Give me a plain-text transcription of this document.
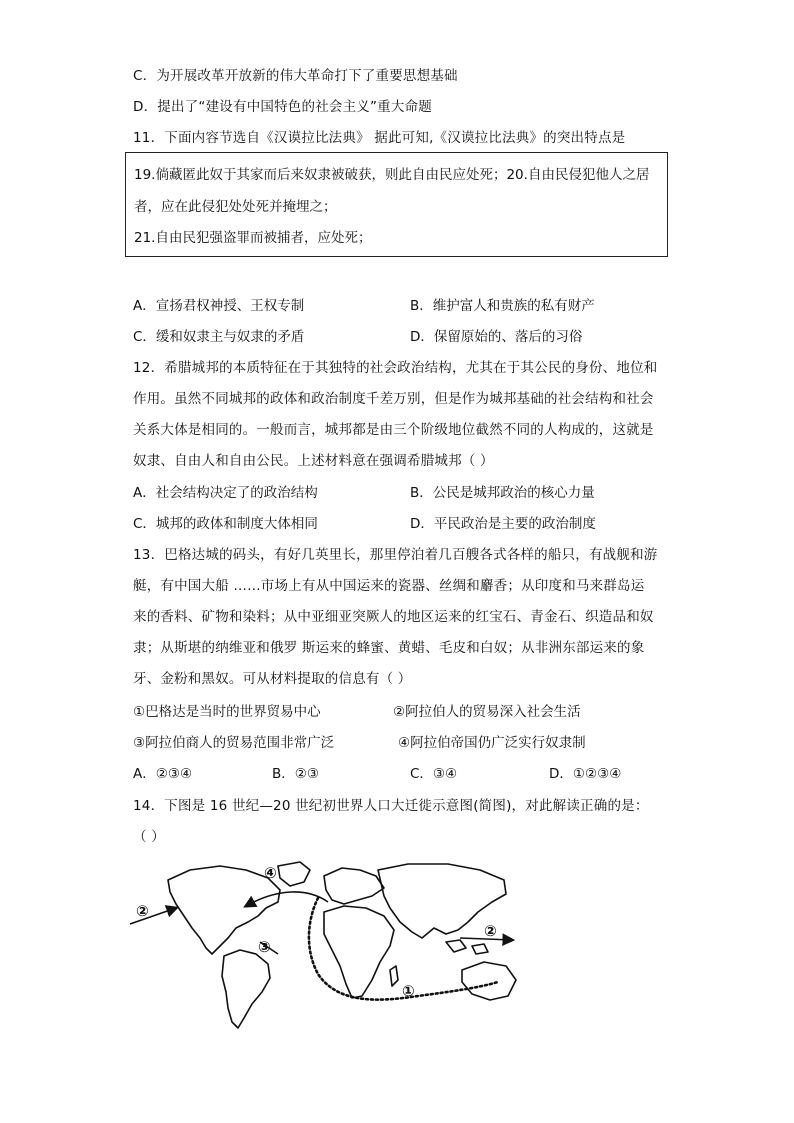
C．为开展改革开放新的伟大革命打下了重要思想基础
D．提出了“建设有中国特色的社会主义”重大命题
11．下面内容节选自《汉谟拉比法典》 据此可知,《汉谟拉比法典》的突出特点是
19.倘藏匿此奴于其家而后来奴隶被破获，则此自由民应处死；20.自由民侵犯他人之居
者，应在此侵犯处处死并掩埋之；
21.自由民犯强盗罪而被捕者，应处死；
A．宣扬君权神授、王权专制	B．维护富人和贵族的私有财产
C．缓和奴隶主与奴隶的矛盾	D．保留原始的、落后的习俗
12．希腊城邦的本质特征在于其独特的社会政治结构，尤其在于其公民的身份、地位和
作用。虽然不同城邦的政体和政治制度千差万别，但是作为城邦基础的社会结构和社会
关系大体是相同的。一般而言，城邦都是由三个阶级地位截然不同的人构成的，这就是
奴隶、自由人和自由公民。上述材料意在强调希腊城邦（ ）
A．社会结构决定了的政治结构	B．公民是城邦政治的核心力量
C．城邦的政体和制度大体相同	D．平民政治是主要的政治制度
13．巴格达城的码头，有好几英里长，那里停泊着几百艘各式各样的船只，有战舰和游
艇，有中国大船 ……市场上有从中国运来的瓷器、丝绸和麝香；从印度和马来群岛运
来的香料、矿物和染料；从中亚细亚突厥人的地区运来的红宝石、青金石、织造品和奴
隶；从斯堪的纳维亚和俄罗 斯运来的蜂蜜、黄蜡、毛皮和白奴；从非洲东部运来的象
牙、金粉和黑奴。可从材料提取的信息有（ ）
①巴格达是当时的世界贸易中心	②阿拉伯人的贸易深入社会生活
③阿拉伯商人的贸易范围非常广泛	④阿拉伯帝国仍广泛实行奴隶制
A．②③④	B．②③	C．③④	D．①②③④
14．下图是 16 世纪—20 世纪初世界人口大迁徙示意图(简图)，对此解读正确的是：
（ ）
②
④
③
①
②
